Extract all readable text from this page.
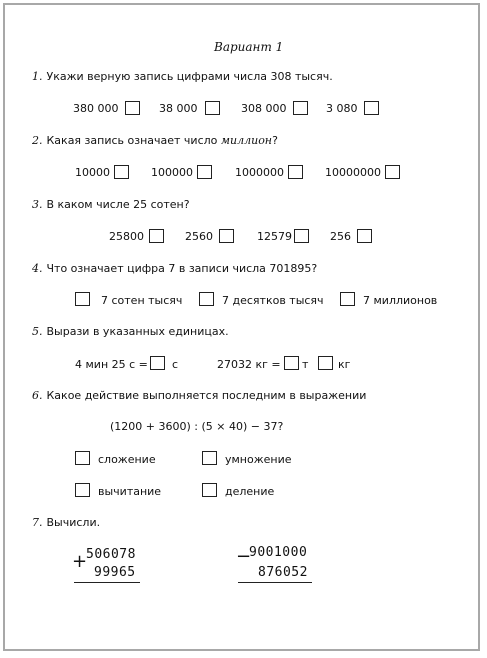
Вариант 1
1. Укажи верную запись цифрами числа 308 тысяч.
380 000	38 000	308 000	3 080
2. Какая запись означает число миллион?
10000	100000	1000000	10000000
3. В каком числе 25 сотен?
25800	2560	12579	256
4. Что означает цифра 7 в записи числа 701895?
7 сотен тысяч	7 десятков тысяч	7 миллионов
5. Вырази в указанных единицах.
4 мин 25 с = с	27032 кг = т	кг
6. Какое действие выполняется последним в выражении
(1200 + 3600) : (5 × 40) − 37?
сложение	умножение
вычитание	деление
7. Вычисли.
+
506078
99965
−
9001000
876052
